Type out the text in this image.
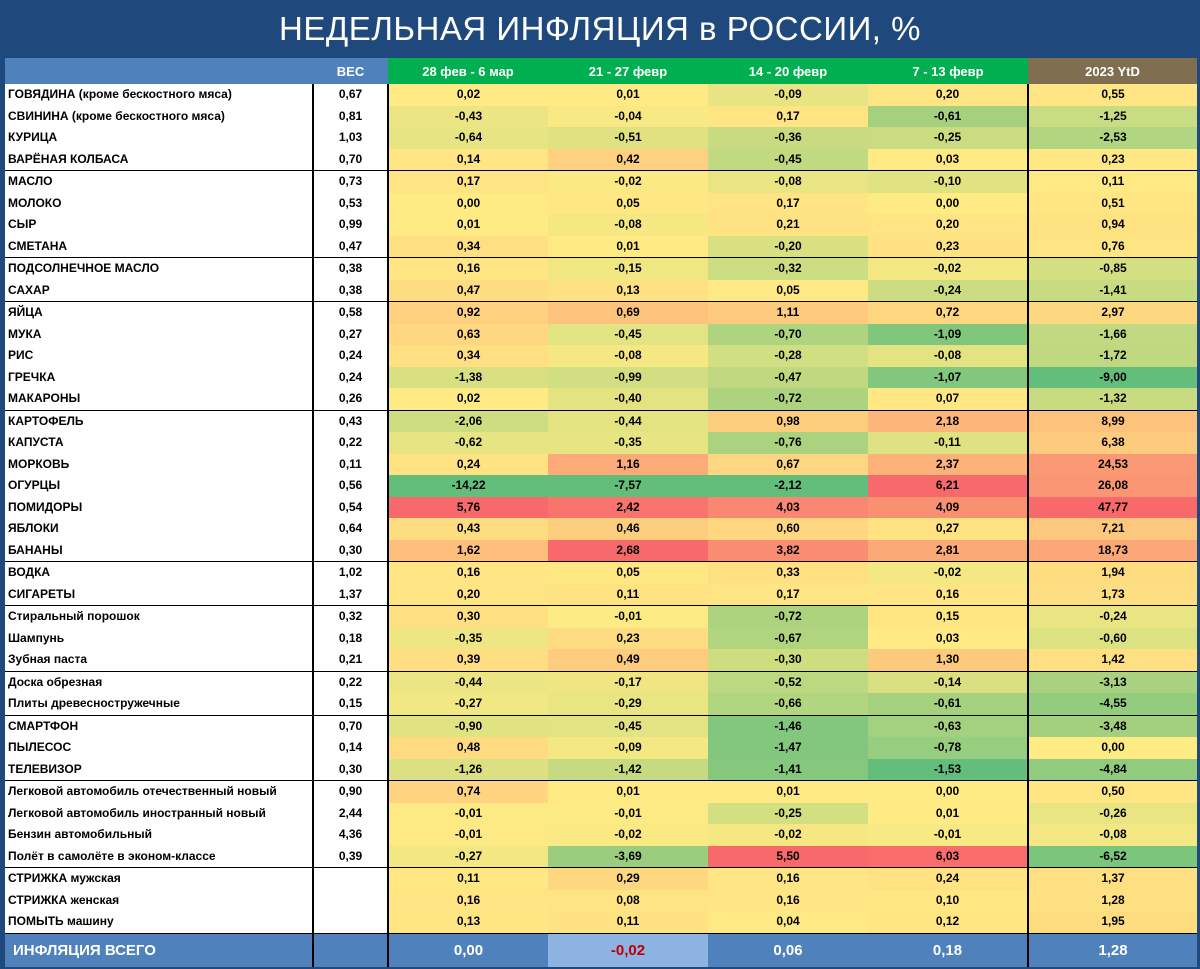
НЕДЕЛЬНАЯ ИНФЛЯЦИЯ в РОССИИ, %
	ВЕС	28 фев - 6 мар	21 - 27 февр	14 - 20 февр	7 - 13 февр	2023 YtD
ГОВЯДИНА (кроме бескостного мяса)	0,67	0,02	0,01	-0,09	0,20	0,55
СВИНИНА (кроме бескостного мяса)	0,81	-0,43	-0,04	0,17	-0,61	-1,25
КУРИЦА	1,03	-0,64	-0,51	-0,36	-0,25	-2,53
ВАРЁНАЯ КОЛБАСА	0,70	0,14	0,42	-0,45	0,03	0,23
МАСЛО	0,73	0,17	-0,02	-0,08	-0,10	0,11
МОЛОКО	0,53	0,00	0,05	0,17	0,00	0,51
СЫР	0,99	0,01	-0,08	0,21	0,20	0,94
СМЕТАНА	0,47	0,34	0,01	-0,20	0,23	0,76
ПОДСОЛНЕЧНОЕ МАСЛО	0,38	0,16	-0,15	-0,32	-0,02	-0,85
САХАР	0,38	0,47	0,13	0,05	-0,24	-1,41
ЯЙЦА	0,58	0,92	0,69	1,11	0,72	2,97
МУКА	0,27	0,63	-0,45	-0,70	-1,09	-1,66
РИС	0,24	0,34	-0,08	-0,28	-0,08	-1,72
ГРЕЧКА	0,24	-1,38	-0,99	-0,47	-1,07	-9,00
МАКАРОНЫ	0,26	0,02	-0,40	-0,72	0,07	-1,32
КАРТОФЕЛЬ	0,43	-2,06	-0,44	0,98	2,18	8,99
КАПУСТА	0,22	-0,62	-0,35	-0,76	-0,11	6,38
МОРКОВЬ	0,11	0,24	1,16	0,67	2,37	24,53
ОГУРЦЫ	0,56	-14,22	-7,57	-2,12	6,21	26,08
ПОМИДОРЫ	0,54	5,76	2,42	4,03	4,09	47,77
ЯБЛОКИ	0,64	0,43	0,46	0,60	0,27	7,21
БАНАНЫ	0,30	1,62	2,68	3,82	2,81	18,73
ВОДКА	1,02	0,16	0,05	0,33	-0,02	1,94
СИГАРЕТЫ	1,37	0,20	0,11	0,17	0,16	1,73
Стиральный порошок	0,32	0,30	-0,01	-0,72	0,15	-0,24
Шампунь	0,18	-0,35	0,23	-0,67	0,03	-0,60
Зубная паста	0,21	0,39	0,49	-0,30	1,30	1,42
Доска обрезная	0,22	-0,44	-0,17	-0,52	-0,14	-3,13
Плиты древесностружечные	0,15	-0,27	-0,29	-0,66	-0,61	-4,55
СМАРТФОН	0,70	-0,90	-0,45	-1,46	-0,63	-3,48
ПЫЛЕСОС	0,14	0,48	-0,09	-1,47	-0,78	0,00
ТЕЛЕВИЗОР	0,30	-1,26	-1,42	-1,41	-1,53	-4,84
Легковой автомобиль отечественный новый	0,90	0,74	0,01	0,01	0,00	0,50
Легковой автомобиль иностранный новый	2,44	-0,01	-0,01	-0,25	0,01	-0,26
Бензин автомобильный	4,36	-0,01	-0,02	-0,02	-0,01	-0,08
Полёт в самолёте в эконом-классе	0,39	-0,27	-3,69	5,50	6,03	-6,52
СТРИЖКА мужская		0,11	0,29	0,16	0,24	1,37
СТРИЖКА женская		0,16	0,08	0,16	0,10	1,28
ПОМЫТЬ машину		0,13	0,11	0,04	0,12	1,95
ИНФЛЯЦИЯ ВСЕГО		0,00	-0,02	0,06	0,18	1,28
